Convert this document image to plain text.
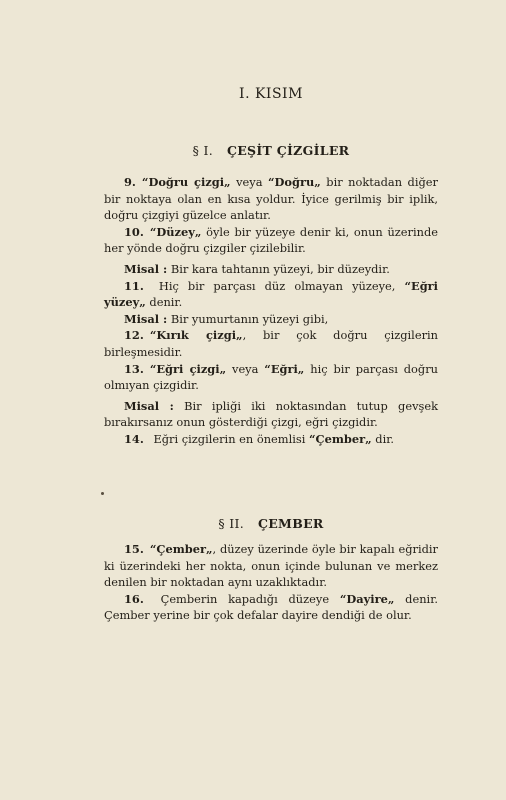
I. KISIM
§ I. ÇEŞİT ÇİZGİLER

9. “Doğru çizgi„ veya “Doğru„ bir noktadan diğer bir noktaya olan en kısa yoldur. İyice gerilmiş bir iplik, doğru çizgiyi güzelce anlatır.

10. “Düzey„ öyle bir yüzeye denir ki, onun üzerinde her yönde doğru çizgiler çizilebilir.

Misal : Bir kara tahtanın yüzeyi, bir düzeydir.

11. Hiç bir parçası düz olmayan yüzeye, “Eğri yüzey„ denir.

Misal : Bir yumurtanın yüzeyi gibi,

12. “Kırık çizgi„, bir çok doğru çizgilerin birleşmesidir.

13. “Eğri çizgi„ veya “Eğri„ hiç bir parçası doğru olmıyan çizgidir.

Misal : Bir ipliği iki noktasından tutup gevşek bırakırsanız onun gösterdiği çizgi, eğri çizgidir.

14. Eğri çizgilerin en önemlisi “Çember„ dir.

§ II. ÇEMBER

15. “Çember„, düzey üzerinde öyle bir kapalı eğridir ki üzerindeki her nokta, onun içinde bulunan ve merkez denilen bir noktadan aynı uzaklıktadır.

16. Çemberin kapadığı düzeye “Dayire„ denir. Çember yerine bir çok defalar dayire dendiği de olur.
